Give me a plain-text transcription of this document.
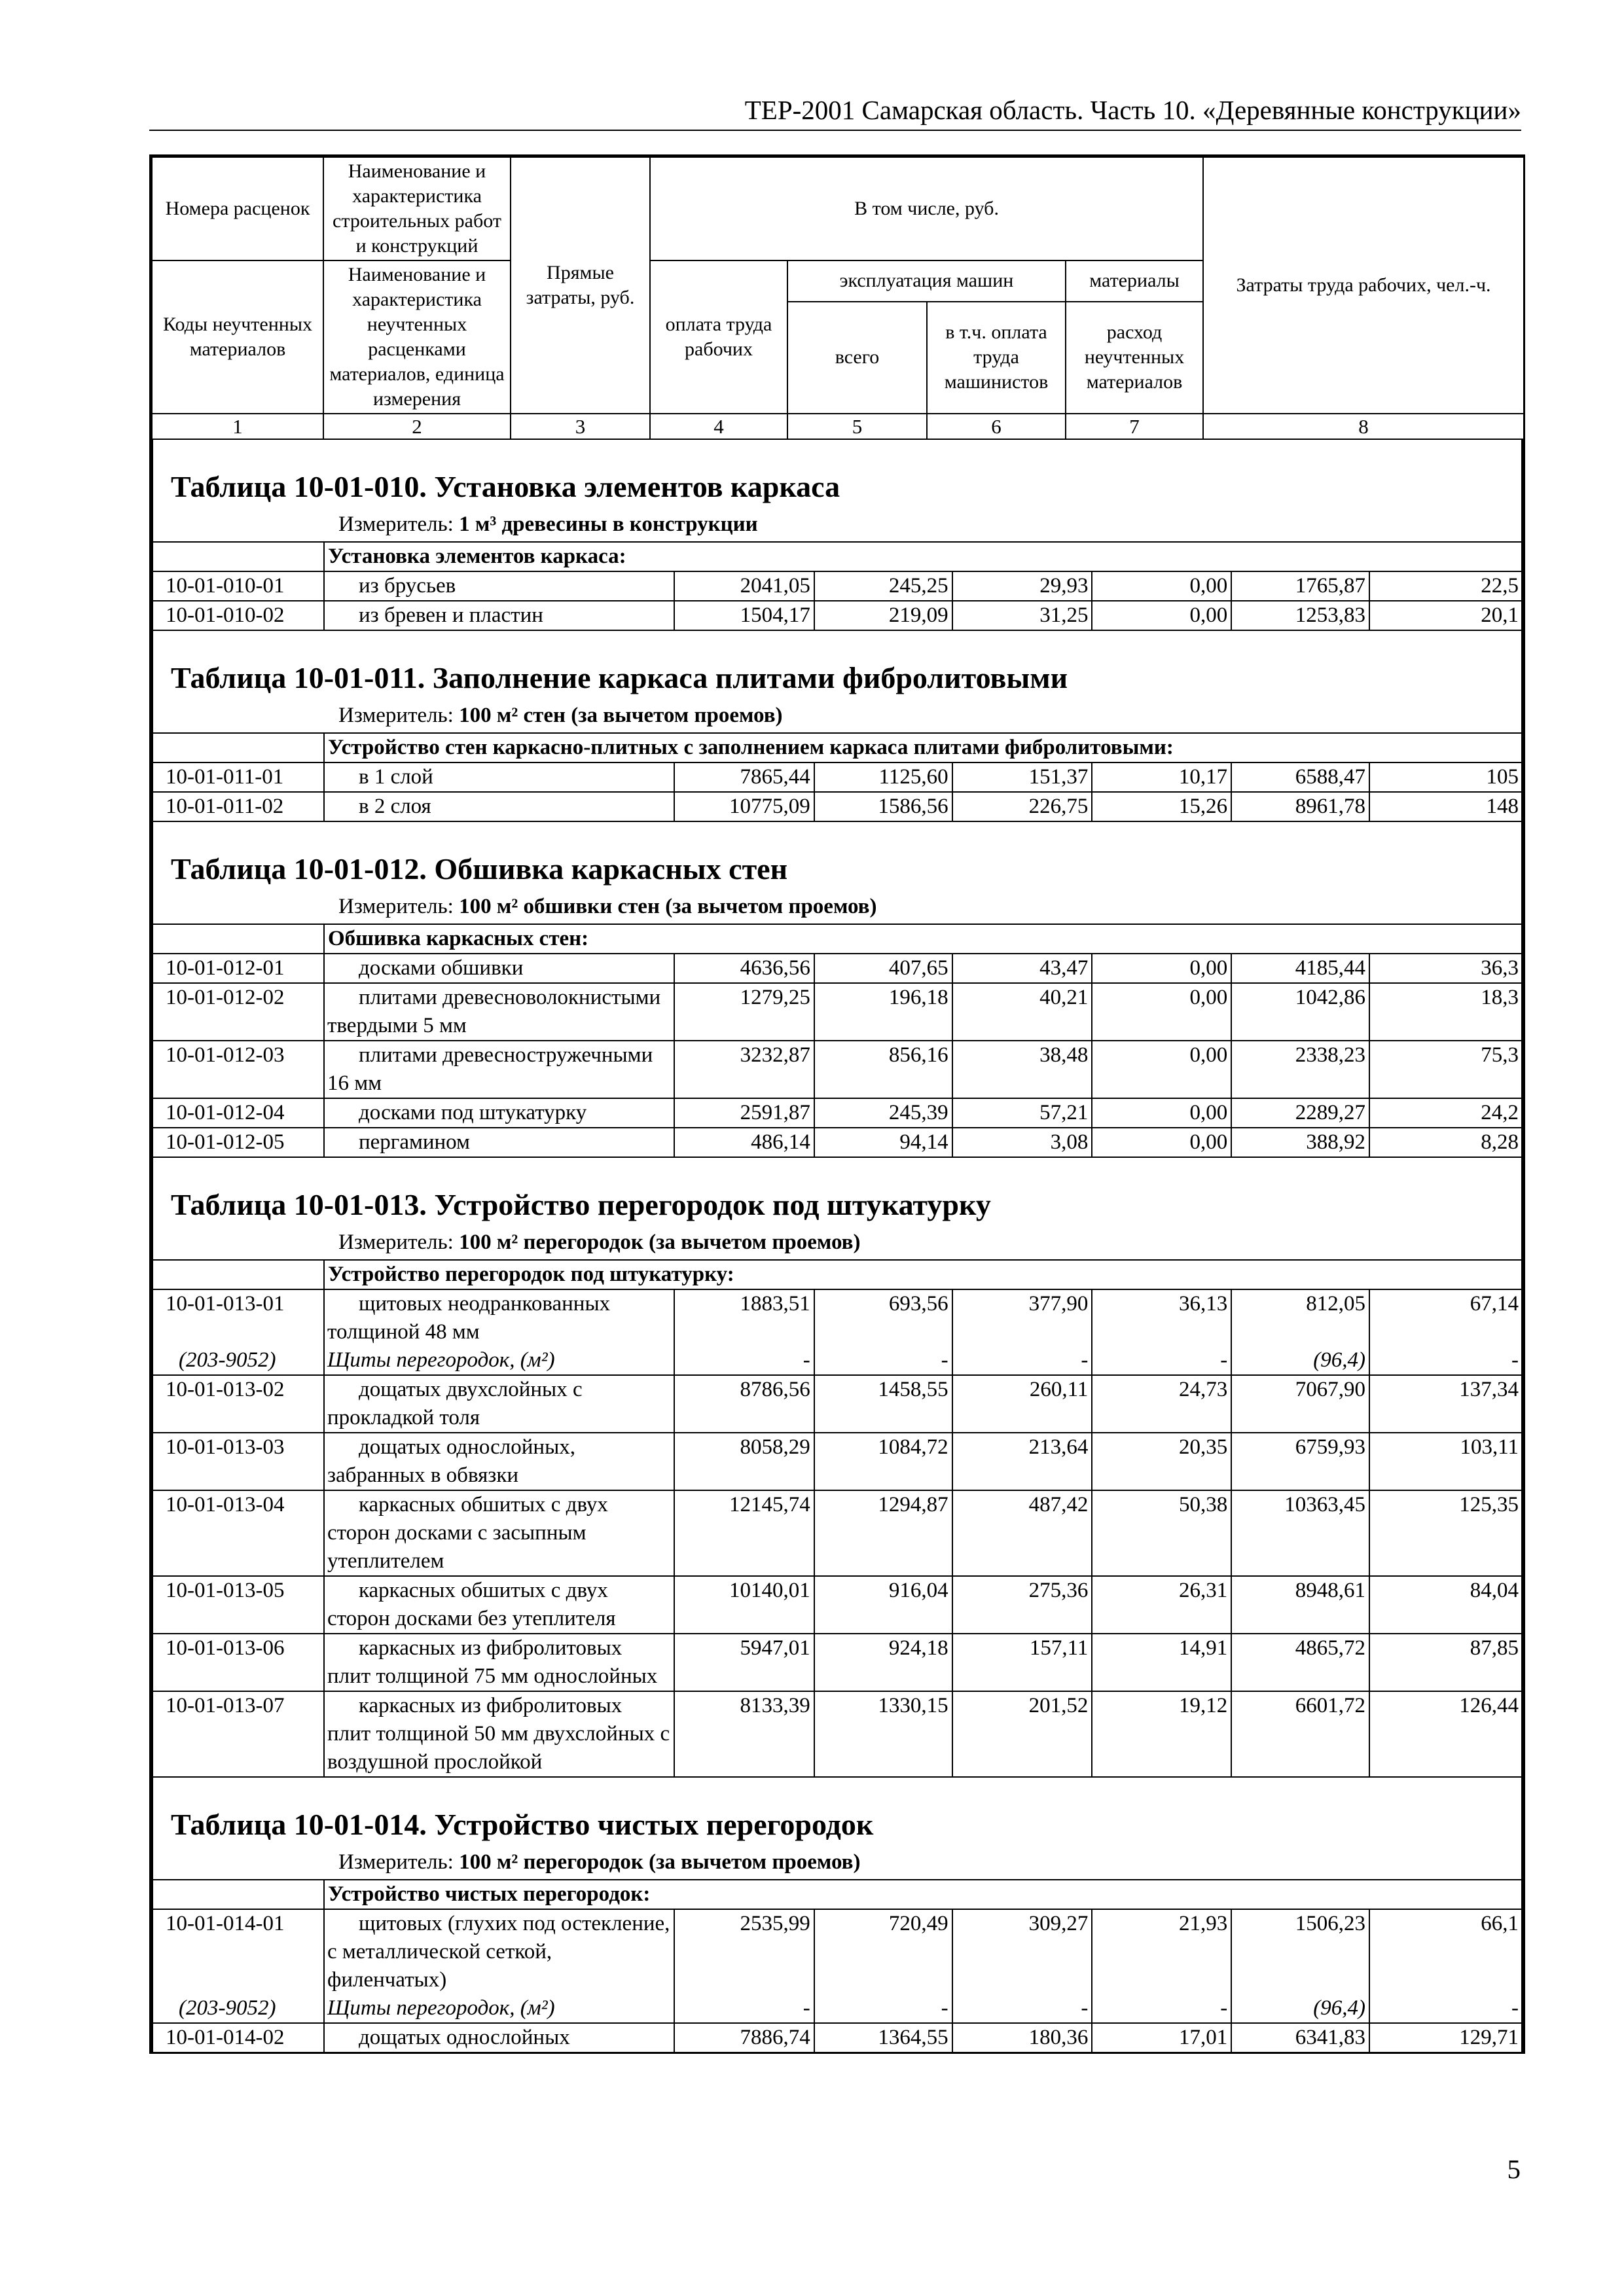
ТЕР-2001 Самарская область. Часть 10. «Деревянные конструкции»
Номера расценок	Наименование и характеристика строительных работ и конструкций	Прямые затраты, руб.	В том числе, руб.				Затраты труда рабочих, чел.-ч.
Коды неучтенных материалов	Наименование и характеристика неучтенных расценками материалов, единица измерения		оплата труда рабочих	эксплуатация машин		материалы	
				всего	в т.ч. оплата труда машинистов	расход неучтенных материалов	
1	2	3	4	5	6	7	8
Таблица 10-01-010. Установка элементов каркаса
Измеритель: 1 м³ древесины в конструкции
	Установка элементов каркаса:						
10-01-010-01	из брусьев	2041,05	245,25	29,93	0,00	1765,87	22,5
10-01-010-02	из бревен и пластин	1504,17	219,09	31,25	0,00	1253,83	20,1
Таблица 10-01-011. Заполнение каркаса плитами фибролитовыми
Измеритель: 100 м² стен (за вычетом проемов)
	Устройство стен каркасно-плитных с заполнением каркаса плитами фибролитовыми:						
10-01-011-01	в 1 слой	7865,44	1125,60	151,37	10,17	6588,47	105
10-01-011-02	в 2 слоя	10775,09	1586,56	226,75	15,26	8961,78	148
Таблица 10-01-012. Обшивка каркасных стен
Измеритель: 100 м² обшивки стен (за вычетом проемов)
	Обшивка каркасных стен:						
10-01-012-01	досками обшивки	4636,56	407,65	43,47	0,00	4185,44	36,3
10-01-012-02	плитами древесноволокнистыми твердыми 5 мм	1279,25	196,18	40,21	0,00	1042,86	18,3
10-01-012-03	плитами древесностружечными 16 мм	3232,87	856,16	38,48	0,00	2338,23	75,3
10-01-012-04	досками под штукатурку	2591,87	245,39	57,21	0,00	2289,27	24,2
10-01-012-05	пергамином	486,14	94,14	3,08	0,00	388,92	8,28
Таблица 10-01-013. Устройство перегородок под штукатурку
Измеритель: 100 м² перегородок (за вычетом проемов)
	Устройство перегородок под штукатурку:						
10-01-013-01	щитовых неодранкованных толщиной 48 мм	1883,51	693,56	377,90	36,13	812,05	67,14
(203-9052)	Щиты перегородок, (м²)	-	-	-	-	(96,4)	-
10-01-013-02	дощатых двухслойных с прокладкой толя	8786,56	1458,55	260,11	24,73	7067,90	137,34
10-01-013-03	дощатых однослойных, забранных в обвязки	8058,29	1084,72	213,64	20,35	6759,93	103,11
10-01-013-04	каркасных обшитых с двух сторон досками с засыпным утеплителем	12145,74	1294,87	487,42	50,38	10363,45	125,35
10-01-013-05	каркасных обшитых с двух сторон досками без утеплителя	10140,01	916,04	275,36	26,31	8948,61	84,04
10-01-013-06	каркасных из фибролитовых плит толщиной 75 мм однослойных	5947,01	924,18	157,11	14,91	4865,72	87,85
10-01-013-07	каркасных из фибролитовых плит толщиной 50 мм двухслойных с воздушной прослойкой	8133,39	1330,15	201,52	19,12	6601,72	126,44
Таблица 10-01-014. Устройство чистых перегородок
Измеритель: 100 м² перегородок (за вычетом проемов)
	Устройство чистых перегородок:						
10-01-014-01	щитовых (глухих под остекление, с металлической сеткой, филенчатых)	2535,99	720,49	309,27	21,93	1506,23	66,1
(203-9052)	Щиты перегородок, (м²)	-	-	-	-	(96,4)	-
10-01-014-02	дощатых однослойных	7886,74	1364,55	180,36	17,01	6341,83	129,71
5
